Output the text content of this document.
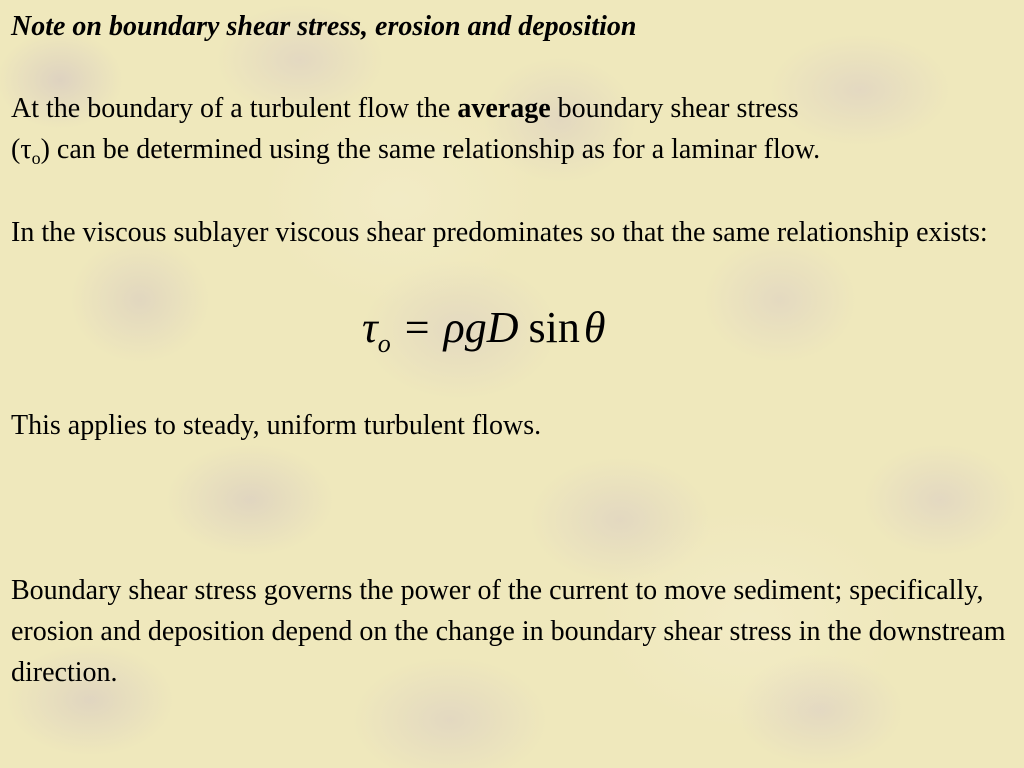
Note on boundary shear stress, erosion and deposition

At the boundary of a turbulent flow the average boundary shear stress
$(\tau_o)$ can be determined using the same relationship as for a laminar flow.

In the viscous sublayer viscous shear predominates so that the same relationship exists:

$\tau_o = \rho gD$ sinθ

This applies to steady, uniform turbulent flows.

Boundary shear stress governs the power of the current to move sediment; specifically, erosion and deposition depend on the change in boundary shear stress in the downstream direction.
